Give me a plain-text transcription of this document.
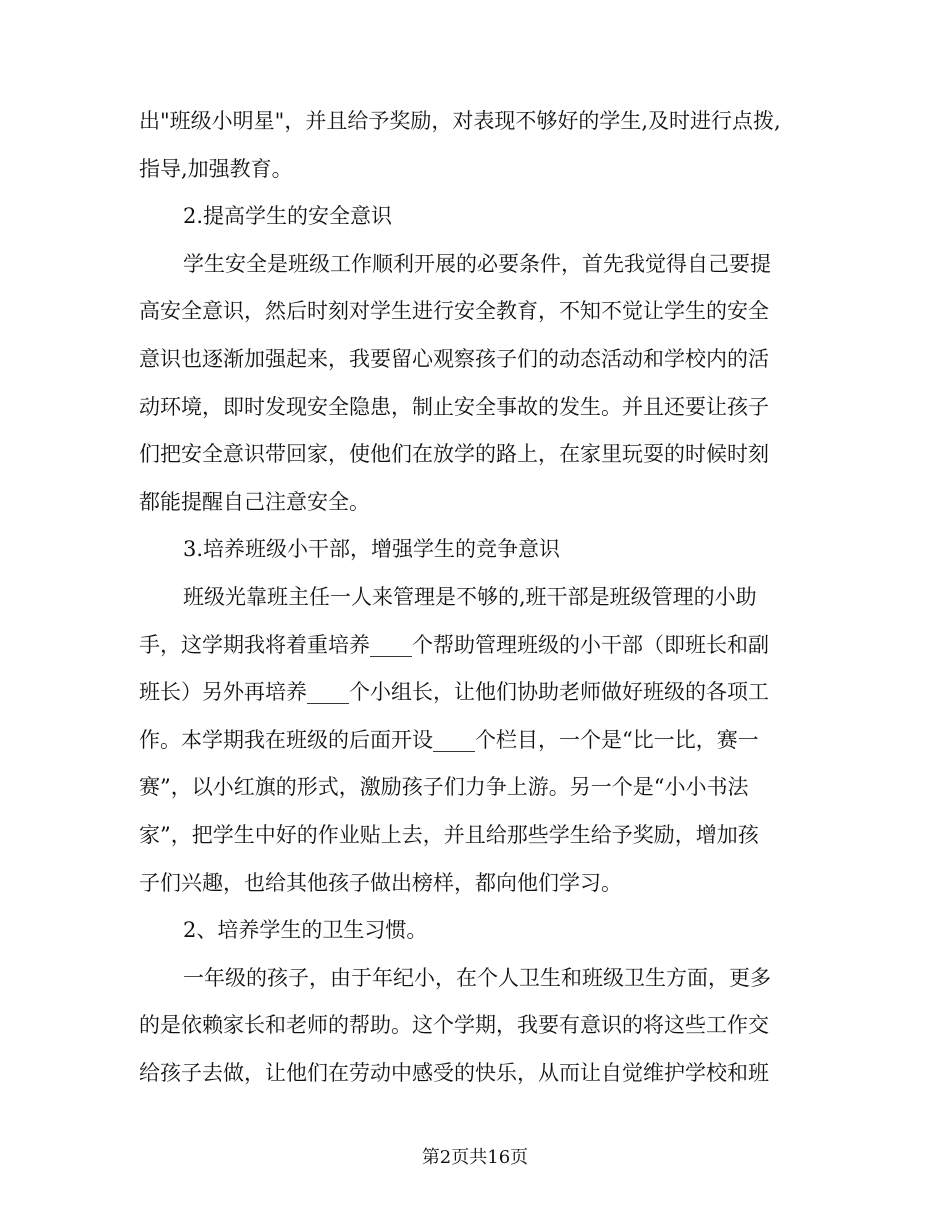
出"班级小明星"，并且给予奖励，对表现不够好的学生,及时进行点拨,
指导,加强教育。
2.提高学生的安全意识
学生安全是班级工作顺利开展的必要条件，首先我觉得自己要提
高安全意识，然后时刻对学生进行安全教育，不知不觉让学生的安全
意识也逐渐加强起来，我要留心观察孩子们的动态活动和学校内的活
动环境，即时发现安全隐患，制止安全事故的发生。并且还要让孩子
们把安全意识带回家，使他们在放学的路上，在家里玩耍的时候时刻
都能提醒自己注意安全。
3.培养班级小干部，增强学生的竞争意识
班级光靠班主任一人来管理是不够的,班干部是班级管理的小助
手，这学期我将着重培养____个帮助管理班级的小干部（即班长和副
班长）另外再培养____个小组长，让他们协助老师做好班级的各项工
作。本学期我在班级的后面开设____个栏目，一个是“比一比，赛一
赛”，以小红旗的形式，激励孩子们力争上游。另一个是“小小书法
家”，把学生中好的作业贴上去，并且给那些学生给予奖励，增加孩
子们兴趣，也给其他孩子做出榜样，都向他们学习。
2、培养学生的卫生习惯。
一年级的孩子，由于年纪小，在个人卫生和班级卫生方面，更多
的是依赖家长和老师的帮助。这个学期，我要有意识的将这些工作交
给孩子去做，让他们在劳动中感受的快乐，从而让自觉维护学校和班
第2页共16页
